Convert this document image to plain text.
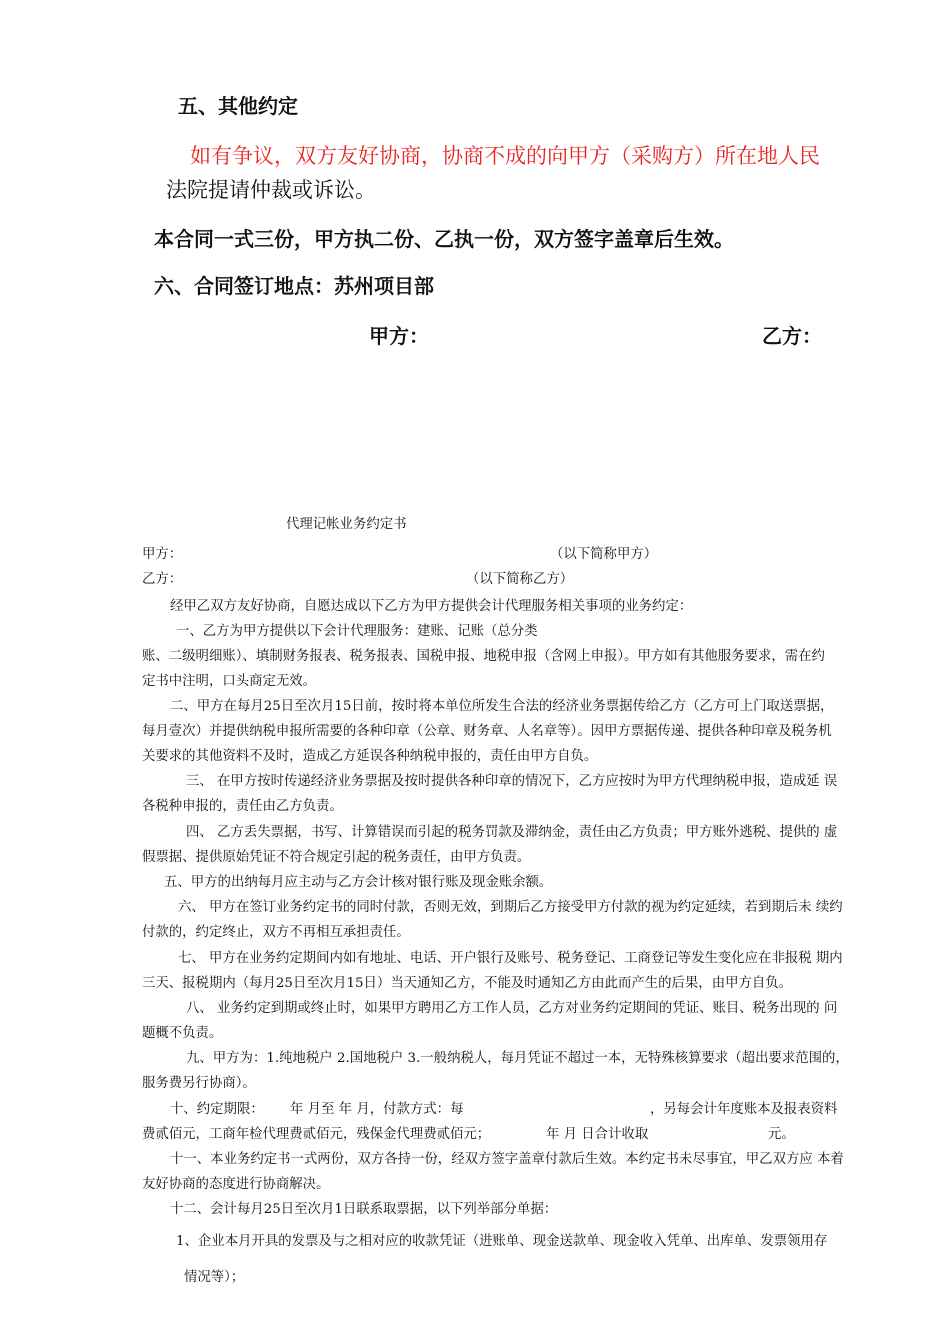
五、其他约定
如有争议，双方友好协商，协商不成的向甲方（采购方）所在地人民
法院提请仲裁或诉讼。
本合同一式三份，甲方执二份、乙执一份，双方签字盖章后生效。
六、合同签订地点：苏州项目部
甲方：	乙方：
代理记帐业务约定书
甲方：	（以下简称甲方）
乙方：	（以下简称乙方）
经甲乙双方友好协商，自愿达成以下乙方为甲方提供会计代理服务相关事项的业务约定：
一、乙方为甲方提供以下会计代理服务：建账、记账（总分类
账、二级明细账）、填制财务报表、税务报表、国税申报、地税申报（含网上申报）。甲方如有其他服务要求，需在约
定书中注明，口头商定无效。
二、甲方在每月25日至次月15日前，按时将本单位所发生合法的经济业务票据传给乙方（乙方可上门取送票据，
每月壹次）并提供纳税申报所需要的各种印章（公章、财务章、人名章等）。因甲方票据传递、提供各种印章及税务机
关要求的其他资料不及时，造成乙方延误各种纳税申报的，责任由甲方自负。
三、 在甲方按时传递经济业务票据及按时提供各种印章的情况下，乙方应按时为甲方代理纳税申报，造成延 误
各税种申报的，责任由乙方负责。
四、 乙方丢失票据，书写、计算错误而引起的税务罚款及滞纳金，责任由乙方负责；甲方账外逃税、提供的 虚
假票据、提供原始凭证不符合规定引起的税务责任，由甲方负责。
五、甲方的出纳每月应主动与乙方会计核对银行账及现金账余额。
六、 甲方在签订业务约定书的同时付款，否则无效，到期后乙方接受甲方付款的视为约定延续，若到期后未 续约
付款的，约定终止，双方不再相互承担责任。
七、 甲方在业务约定期间内如有地址、电话、开户银行及账号、税务登记、工商登记等发生变化应在非报税 期内
三天、报税期内（每月25日至次月15日）当天通知乙方，不能及时通知乙方由此而产生的后果，由甲方自负。
八、 业务约定到期或终止时，如果甲方聘用乙方工作人员，乙方对业务约定期间的凭证、账目、税务出现的 问
题概不负责。
九、甲方为：1.纯地税户 2.国地税户 3.一般纳税人，每月凭证不超过一本，无特殊核算要求（超出要求范围的，
服务费另行协商）。
十、约定期限： 年 月至 年 月，付款方式：每	，另每会计年度账本及报表资料
费贰佰元，工商年检代理费贰佰元，残保金代理费贰佰元；	年 月 日合计收取	元。
十一、本业务约定书一式两份，双方各持一份，经双方签字盖章付款后生效。本约定书未尽事宜，甲乙双方应 本着
友好协商的态度进行协商解决。
十二、会计每月25日至次月1日联系取票据，以下列举部分单据：
1、企业本月开具的发票及与之相对应的收款凭证（进账单、现金送款单、现金收入凭单、出库单、发票领用存
情况等）；
